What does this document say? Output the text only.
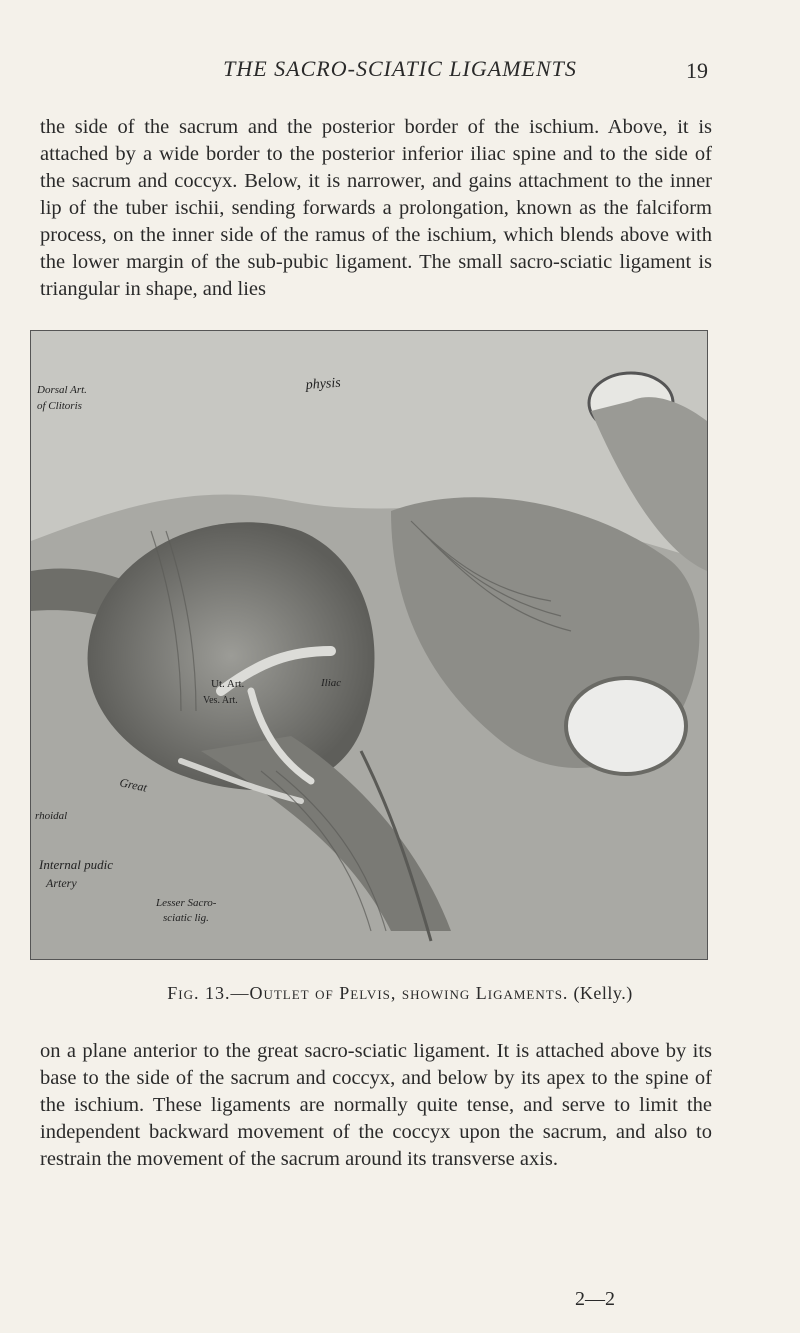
THE SACRO-SCIATIC LIGAMENTS	19

the side of the sacrum and the posterior border of the ischium. Above, it is attached by a wide border to the posterior inferior iliac spine and to the side of the sacrum and coccyx. Below, it is narrower, and gains attachment to the inner lip of the tuber ischii, sending forwards a prolongation, known as the falciform process, on the inner side of the ramus of the ischium, which blends above with the lower margin of the sub-pubic ligament. The small sacro-sciatic ligament is triangular in shape, and lies

physis
Dorsal Art.
of Clitoris
Ut. Art.
Ves. Art.
Iliac
Great
rhoidal
Internal pudic
Artery
Lesser Sacro-
sciatic lig.
Fig. 13.—Outlet of Pelvis, showing Ligaments. (Kelly.)

on a plane anterior to the great sacro-sciatic ligament. It is attached above by its base to the side of the sacrum and coccyx, and below by its apex to the spine of the ischium. These ligaments are normally quite tense, and serve to limit the independent backward movement of the coccyx upon the sacrum, and also to restrain the movement of the sacrum around its transverse axis.

2—2
